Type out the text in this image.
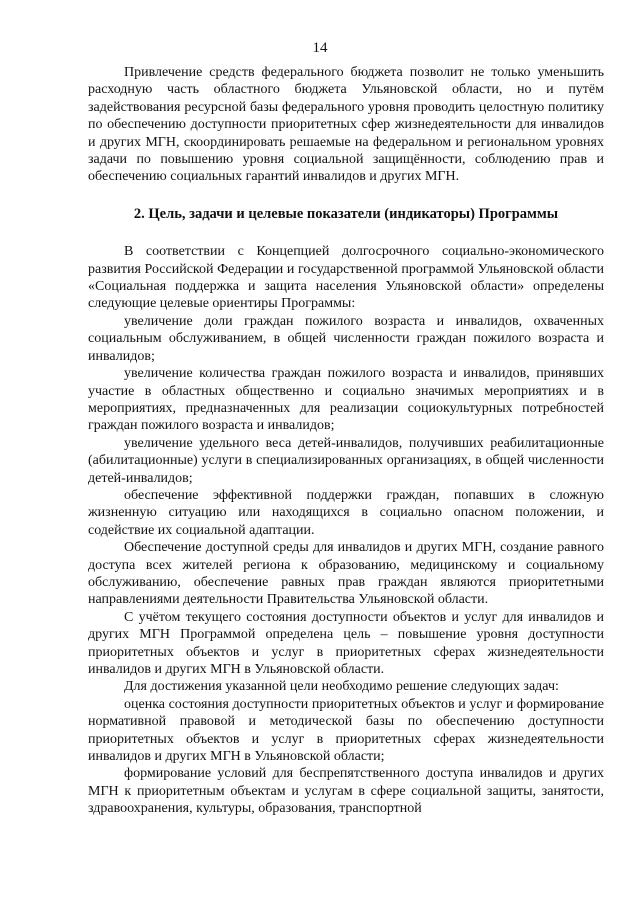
14

Привлечение средств федерального бюджета позволит не только уменьшить расходную часть областного бюджета Ульяновской области, но и путём задействования ресурсной базы федерального уровня проводить целостную политику по обеспечению доступности приоритетных сфер жизнедеятельности для инвалидов и других МГН, скоординировать решаемые на федеральном и региональном уровнях задачи по повышению уровня социальной защищённости, соблюдению прав и обеспечению социальных гарантий инвалидов и других МГН.

2. Цель, задачи и целевые показатели (индикаторы) Программы

В соответствии с Концепцией долгосрочного социально-экономического развития Российской Федерации и государственной программой Ульяновской области «Социальная поддержка и защита населения Ульяновской области» определены следующие целевые ориентиры Программы:

увеличение доли граждан пожилого возраста и инвалидов, охваченных социальным обслуживанием, в общей численности граждан пожилого возраста и инвалидов;

увеличение количества граждан пожилого возраста и инвалидов, принявших участие в областных общественно и социально значимых мероприятиях и в мероприятиях, предназначенных для реализации социокультурных потребностей граждан пожилого возраста и инвалидов;

увеличение удельного веса детей-инвалидов, получивших реабилитационные (абилитационные) услуги в специализированных организациях, в общей численности детей-инвалидов;

обеспечение эффективной поддержки граждан, попавших в сложную жизненную ситуацию или находящихся в социально опасном положении, и содействие их социальной адаптации.

Обеспечение доступной среды для инвалидов и других МГН, создание равного доступа всех жителей региона к образованию, медицинскому и социальному обслуживанию, обеспечение равных прав граждан являются приоритетными направлениями деятельности Правительства Ульяновской области.

С учётом текущего состояния доступности объектов и услуг для инвалидов и других МГН Программой определена цель – повышение уровня доступности приоритетных объектов и услуг в приоритетных сферах жизнедеятельности инвалидов и других МГН в Ульяновской области.

Для достижения указанной цели необходимо решение следующих задач:

оценка состояния доступности приоритетных объектов и услуг и формирование нормативной правовой и методической базы по обеспечению доступности приоритетных объектов и услуг в приоритетных сферах жизнедеятельности инвалидов и других МГН в Ульяновской области;

формирование условий для беспрепятственного доступа инвалидов и других МГН к приоритетным объектам и услугам в сфере социальной защиты, занятости, здравоохранения, культуры, образования, транспортной
